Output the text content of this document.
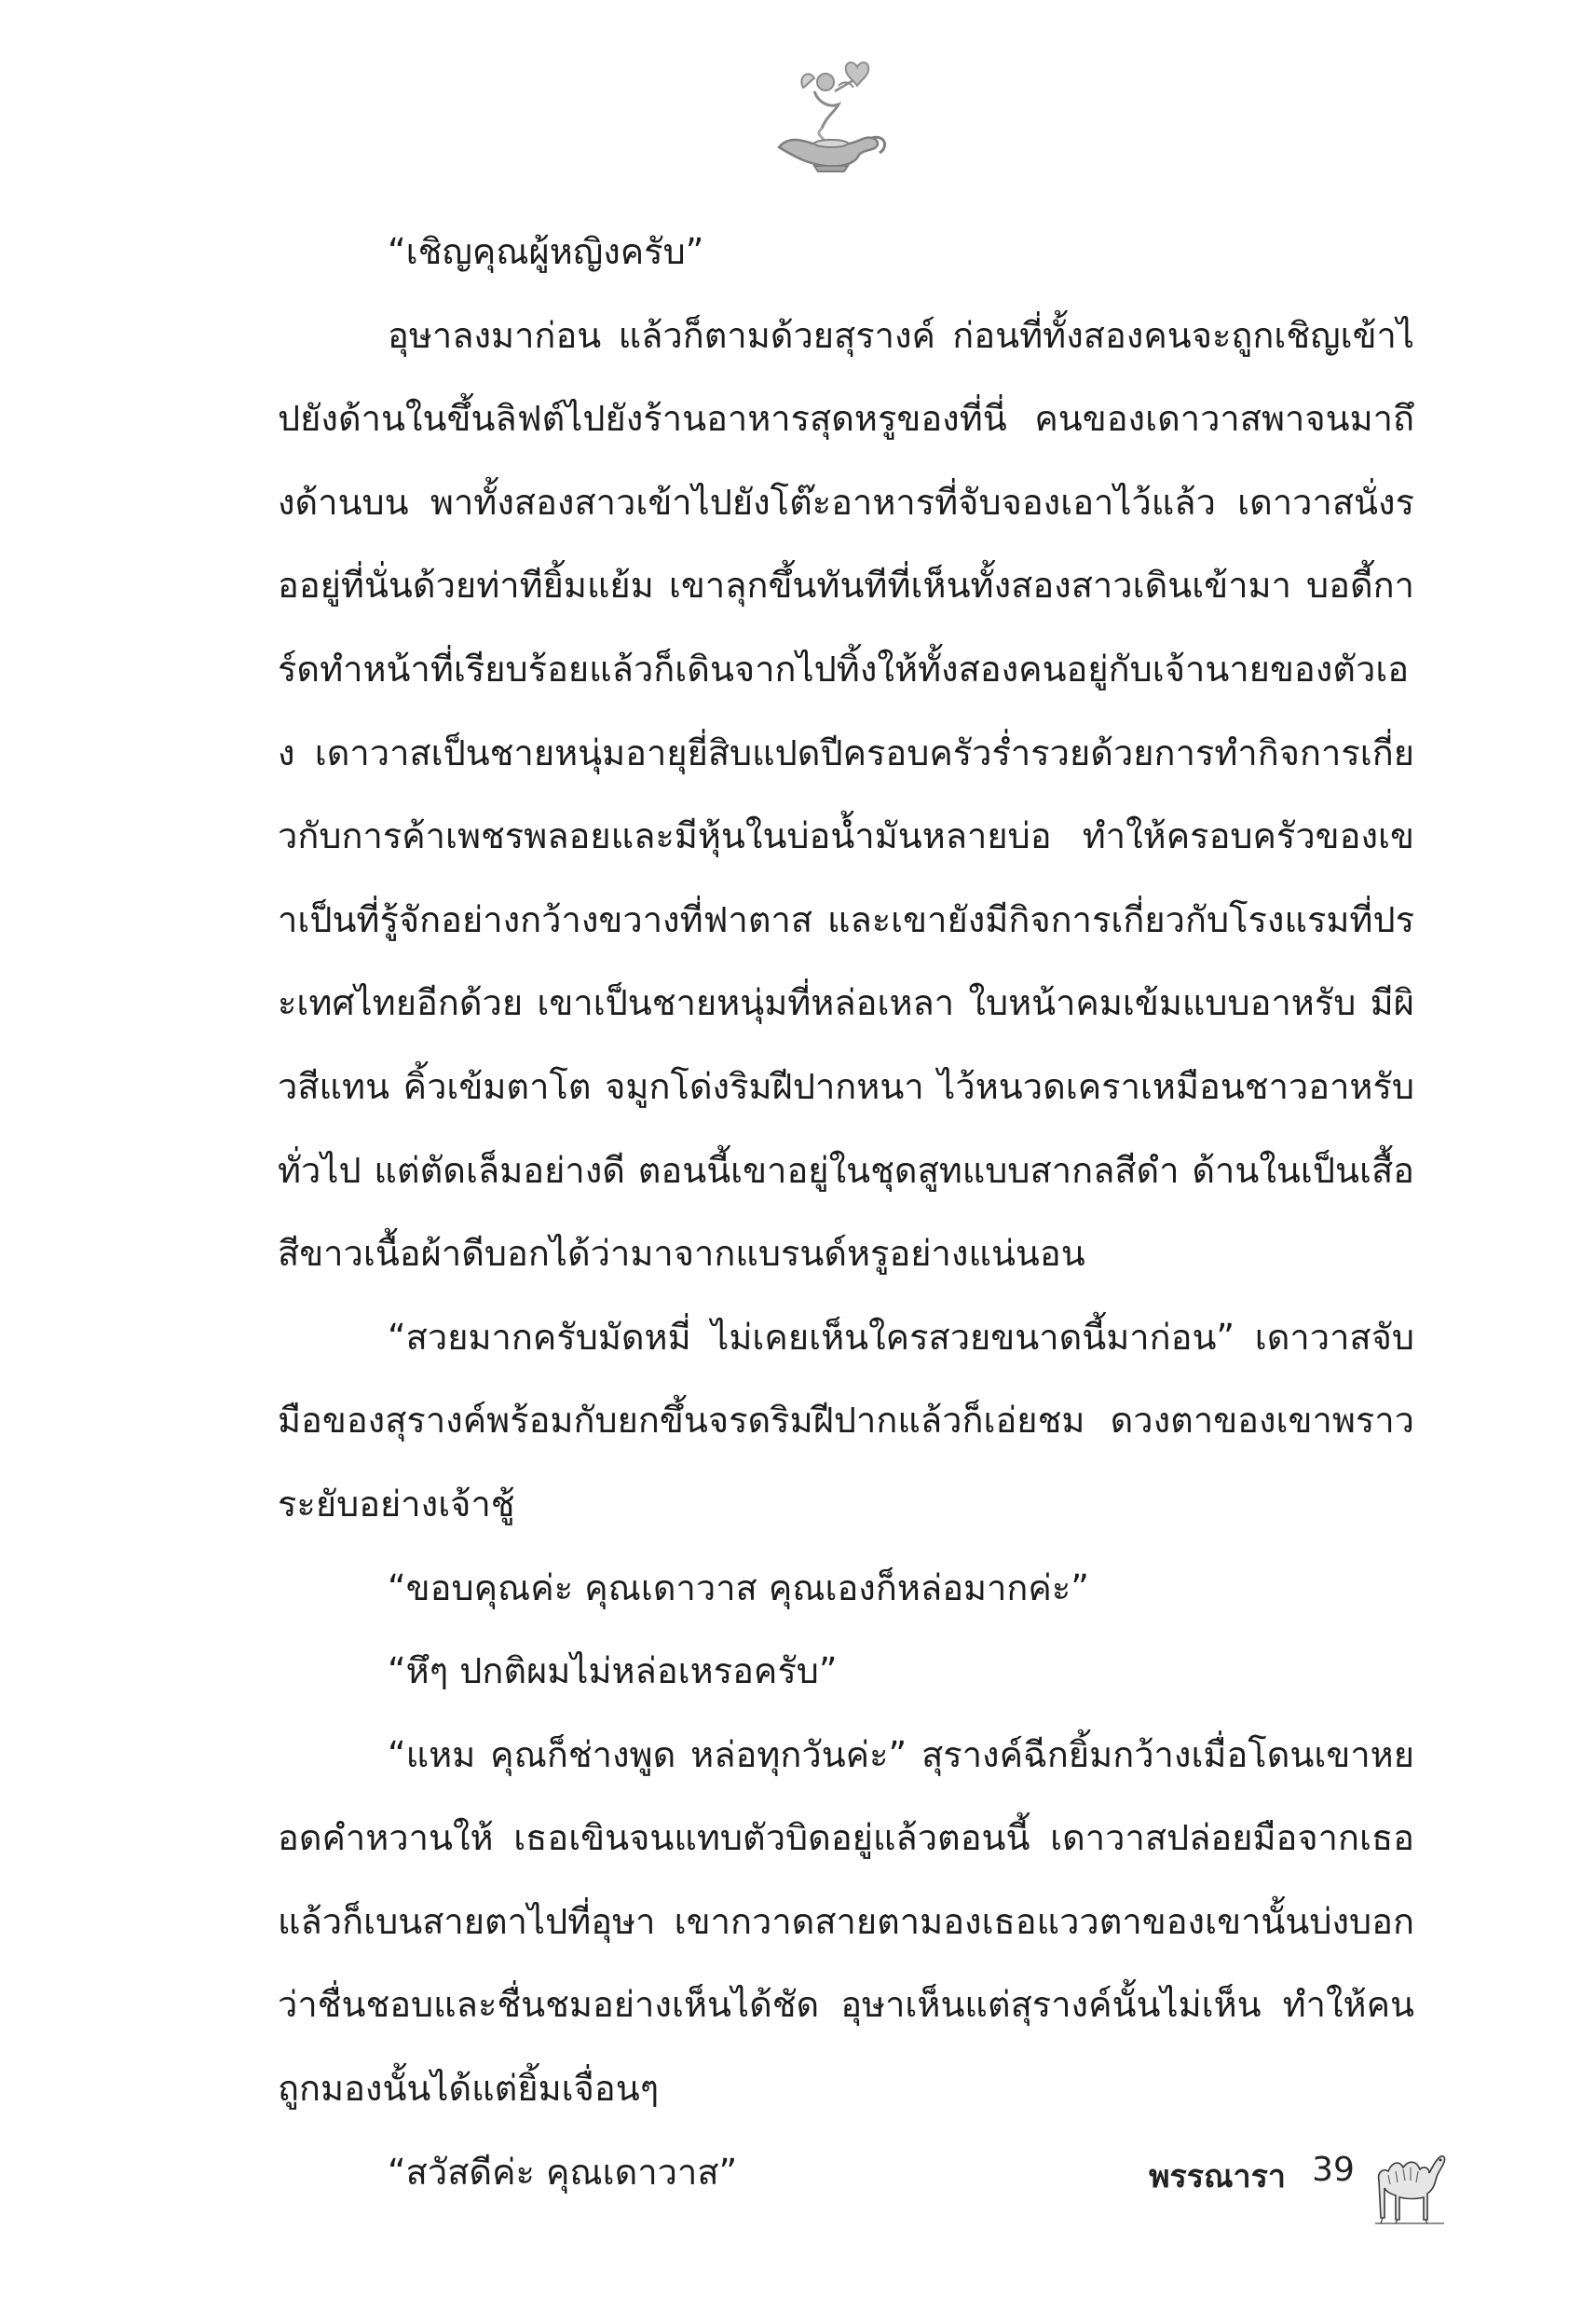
“เชิญคุณผู้หญิงครับ”

อุษาลงมาก่อน แล้วก็ตามด้วยสุรางค์ ก่อนที่ทั้งสองคนจะถูกเชิญเข้าไปยังด้านในขึ้นลิฟต์ไปยังร้านอาหารสุดหรูของที่นี่ คนของเดาวาสพาจนมาถึงด้านบน พาทั้งสองสาวเข้าไปยังโต๊ะอาหารที่จับจองเอาไว้แล้ว เดาวาสนั่งรออยู่ที่นั่นด้วยท่าทียิ้มแย้ม เขาลุกขึ้นทันทีที่เห็นทั้งสองสาวเดินเข้ามา บอดี้การ์ดทำหน้าที่เรียบร้อยแล้วก็เดินจากไปทิ้งให้ทั้งสองคนอยู่กับเจ้านายของตัวเอง เดาวาสเป็นชายหนุ่มอายุยี่สิบแปดปีครอบครัวร่ำรวยด้วยการทำกิจการเกี่ยวกับการค้าเพชรพลอยและมีหุ้นในบ่อน้ำมันหลายบ่อ ทำให้ครอบครัวของเขาเป็นที่รู้จักอย่างกว้างขวางที่ฟาตาส และเขายังมีกิจการเกี่ยวกับโรงแรมที่ประเทศไทยอีกด้วย เขาเป็นชายหนุ่มที่หล่อเหลา ใบหน้าคมเข้มแบบอาหรับ มีผิวสีแทน คิ้วเข้มตาโต จมูกโด่งริมฝีปากหนา ไว้หนวดเคราเหมือนชาวอาหรับทั่วไป แต่ตัดเล็มอย่างดี ตอนนี้เขาอยู่ในชุดสูทแบบสากลสีดำ ด้านในเป็นเสื้อสีขาวเนื้อผ้าดีบอกได้ว่ามาจากแบรนด์หรูอย่างแน่นอน

“สวยมากครับมัดหมี่ ไม่เคยเห็นใครสวยขนาดนี้มาก่อน” เดาวาสจับมือของสุรางค์พร้อมกับยกขึ้นจรดริมฝีปากแล้วก็เอ่ยชม ดวงตาของเขาพราวระยับอย่างเจ้าชู้

“ขอบคุณค่ะ คุณเดาวาส คุณเองก็หล่อมากค่ะ”

“หึๆ ปกติผมไม่หล่อเหรอครับ”

“แหม คุณก็ช่างพูด หล่อทุกวันค่ะ” สุรางค์ฉีกยิ้มกว้างเมื่อโดนเขาหยอดคำหวานให้ เธอเขินจนแทบตัวบิดอยู่แล้วตอนนี้ เดาวาสปล่อยมือจากเธอแล้วก็เบนสายตาไปที่อุษา เขากวาดสายตามองเธอแววตาของเขานั้นบ่งบอกว่าชื่นชอบและชื่นชมอย่างเห็นได้ชัด อุษาเห็นแต่สุรางค์นั้นไม่เห็น ทำให้คนถูกมองนั้นได้แต่ยิ้มเจื่อนๆ

“สวัสดีค่ะ คุณเดาวาส”	พรรณารา 39
